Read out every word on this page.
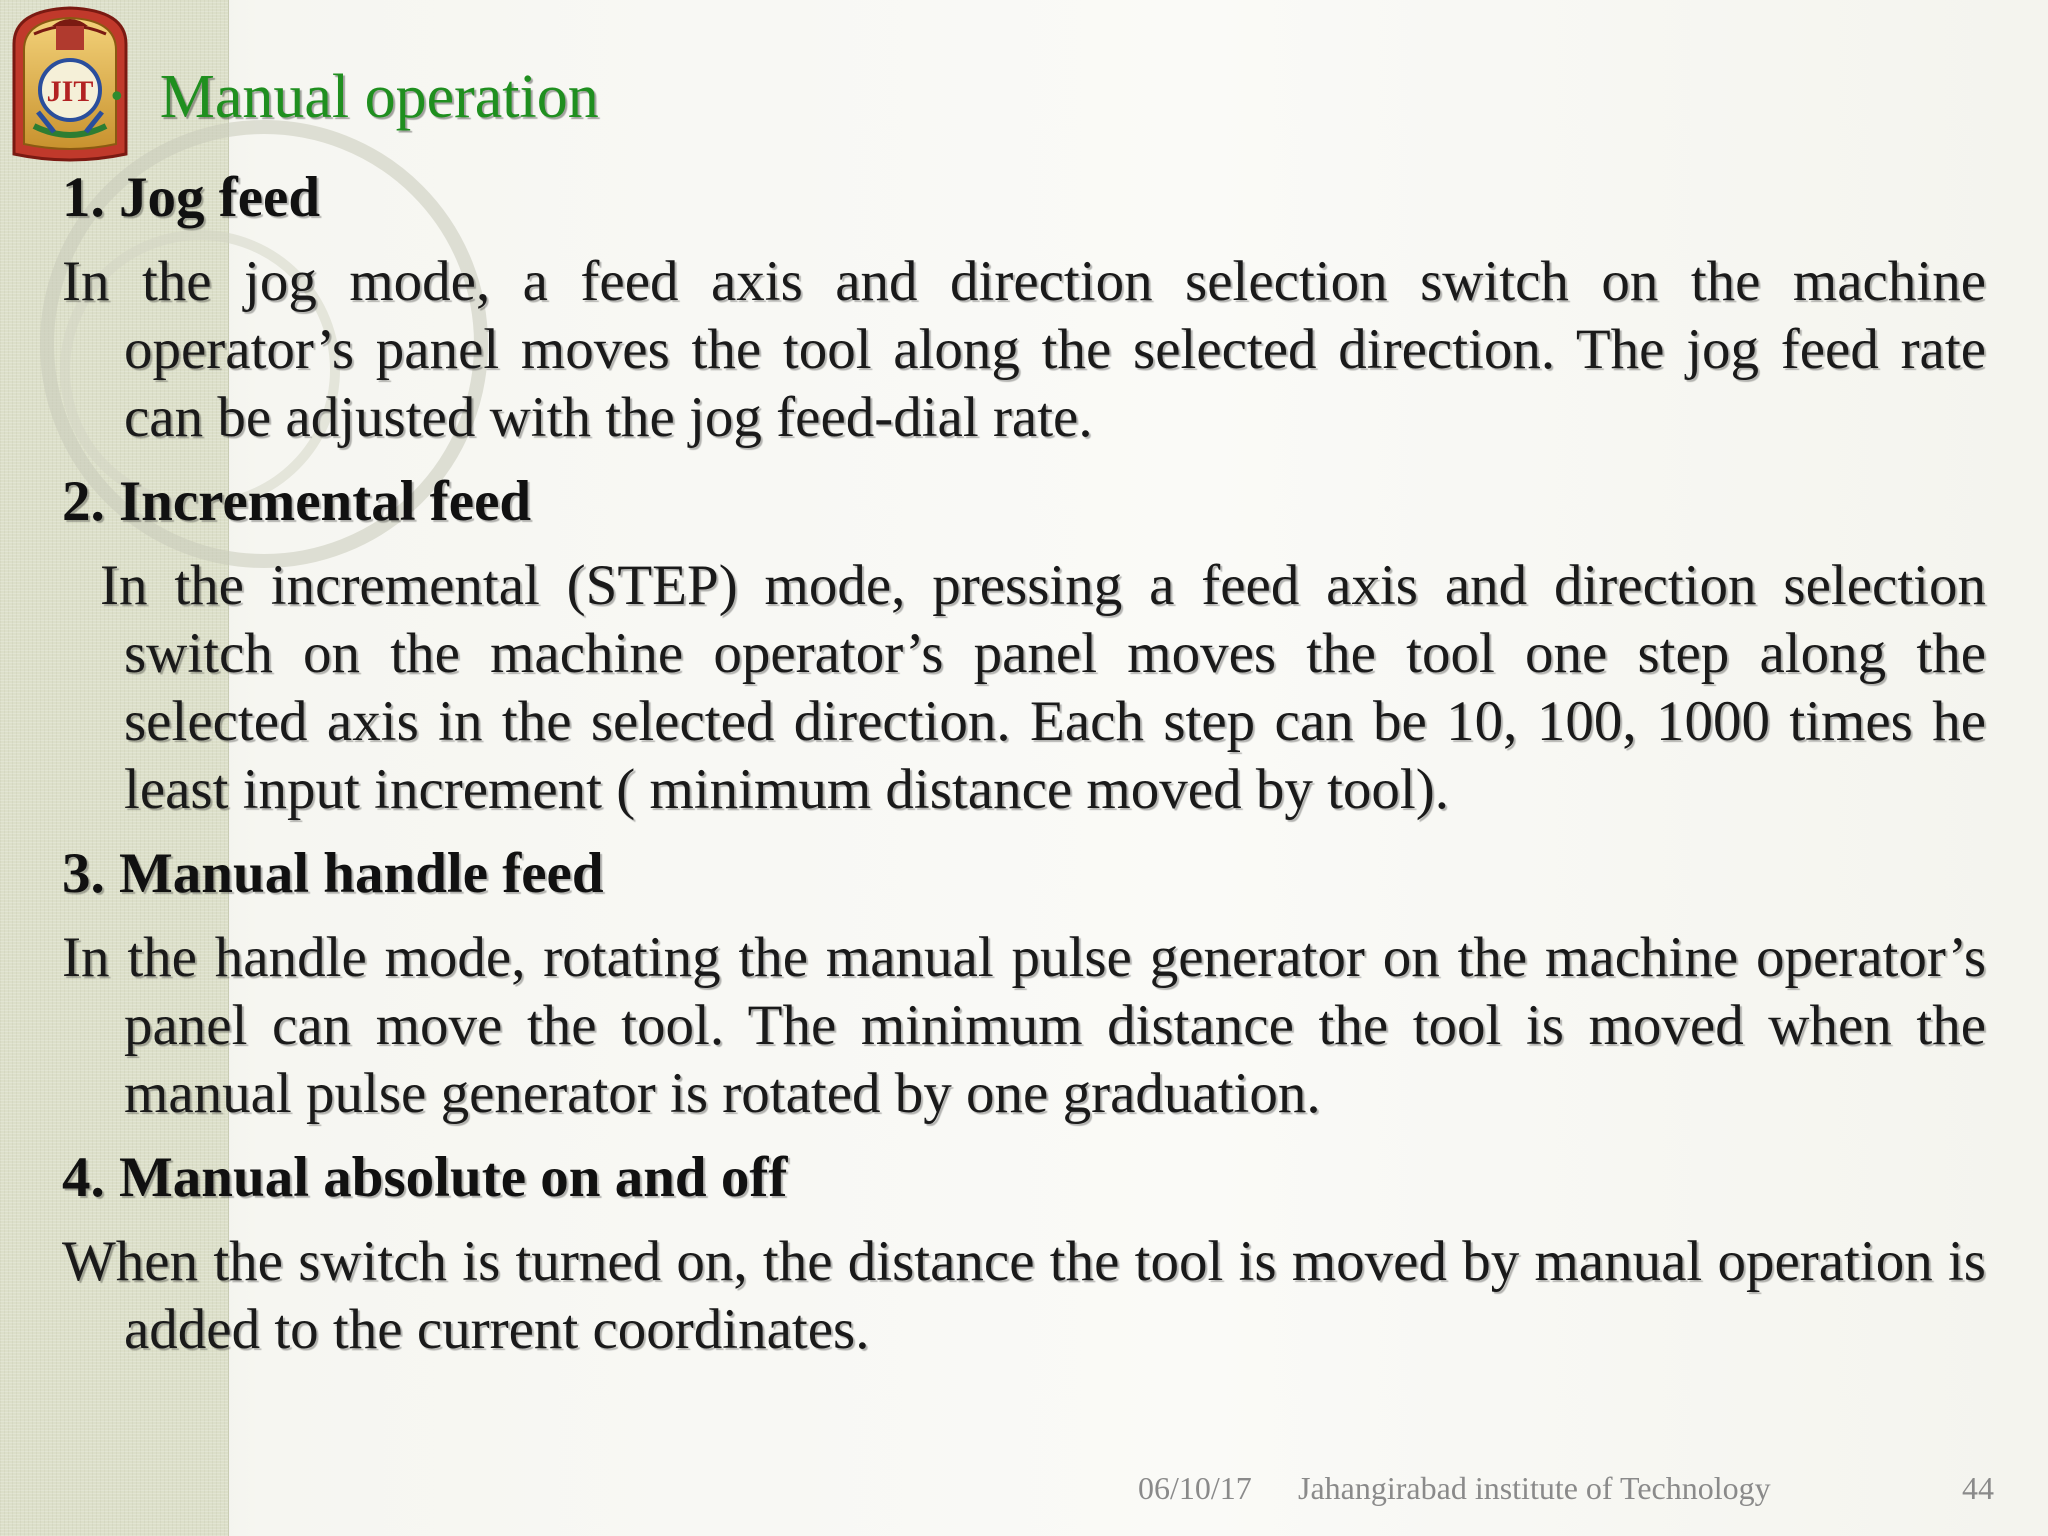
JIT • Manual operation

1. Jog feed

In the jog mode, a feed axis and direction selection switch on the machine operator’s panel moves the tool along the selected direction. The jog feed rate can be adjusted with the jog feed-dial rate.

2. Incremental feed

In the incremental (STEP) mode, pressing a feed axis and direction selection switch on the machine operator’s panel moves the tool one step along the selected axis in the selected direction. Each step can be 10, 100, 1000 times he least input increment ( minimum distance moved by tool).

3. Manual handle feed

In the handle mode, rotating the manual pulse generator on the machine operator’s panel can move the tool. The minimum distance the tool is moved when the manual pulse generator is rotated by one graduation.

4. Manual absolute on and off

When the switch is turned on, the distance the tool is moved by manual operation is added to the current coordinates.

06/10/17 Jahangirabad institute of Technology	44
